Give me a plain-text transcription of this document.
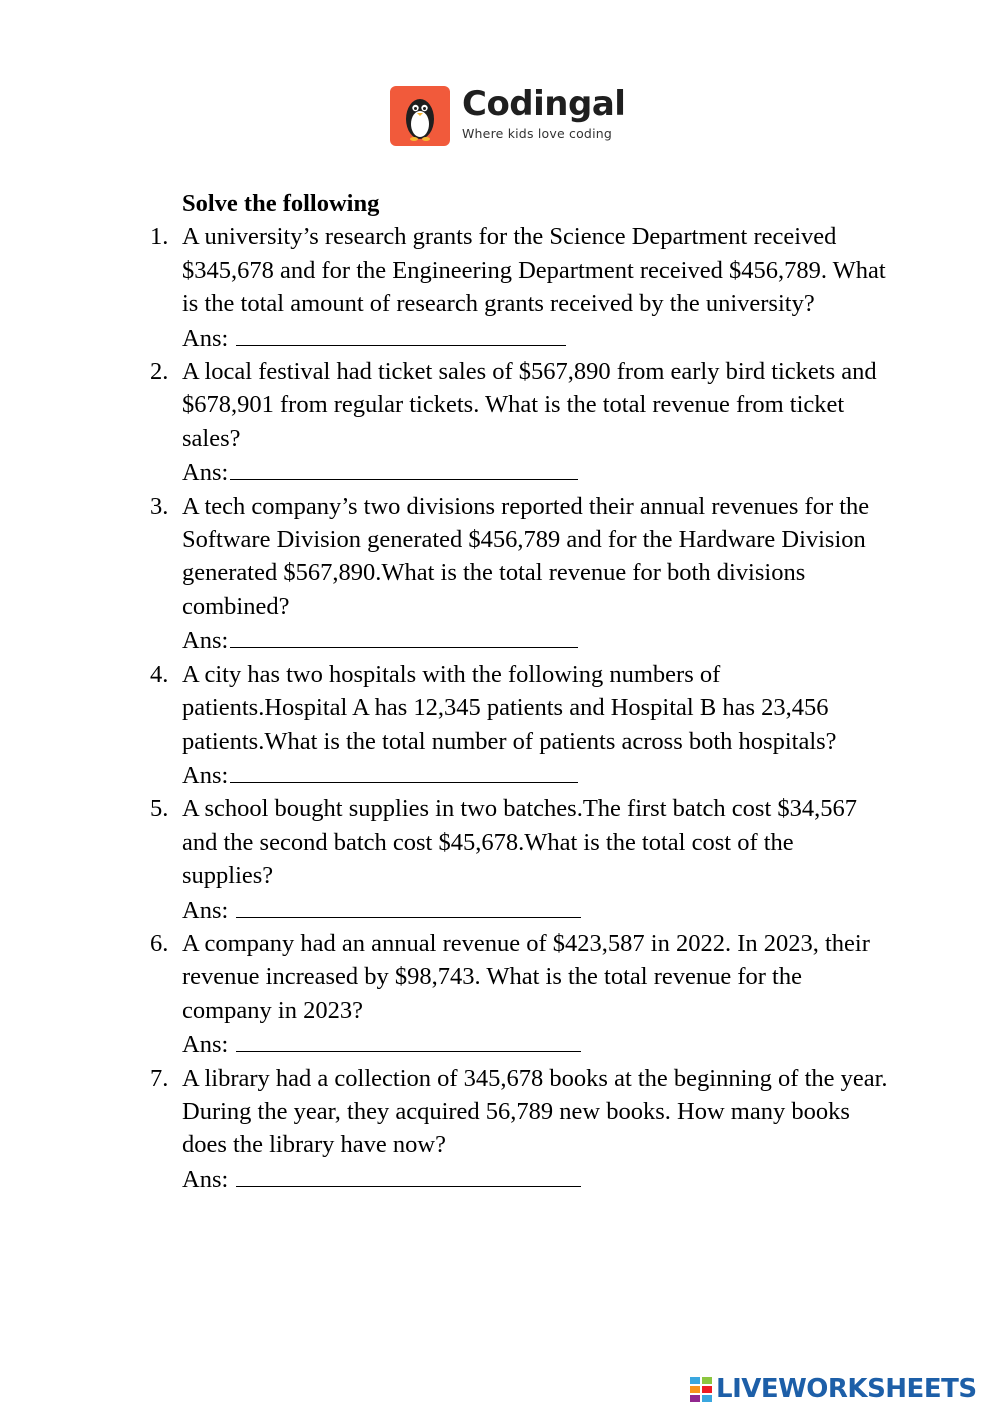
Codingal
Where kids love coding
Solve the following
1. A university’s research grants for the Science Department received $345,678 and for the Engineering Department received $456,789. What is the total amount of research grants received by the university?
Ans:
2. A local festival had ticket sales of $567,890 from early bird tickets and $678,901 from regular tickets. What is the total revenue from ticket sales?
Ans:
3. A tech company’s two divisions reported their annual revenues for the Software Division generated $456,789 and for the Hardware Division generated $567,890.What is the total revenue for both divisions combined?
Ans:
4. A city has two hospitals with the following numbers of patients.Hospital A has 12,345 patients and Hospital B has 23,456 patients.What is the total number of patients across both hospitals?
Ans:
5. A school bought supplies in two batches.The first batch cost $34,567 and the second batch cost $45,678.What is the total cost of the supplies?
Ans:
6. A company had an annual revenue of $423,587 in 2022. In 2023, their revenue increased by $98,743. What is the total revenue for the company in 2023?
Ans:
7. A library had a collection of 345,678 books at the beginning of the year. During the year, they acquired 56,789 new books. How many books does the library have now?
Ans:
LIVEWORKSHEETS
